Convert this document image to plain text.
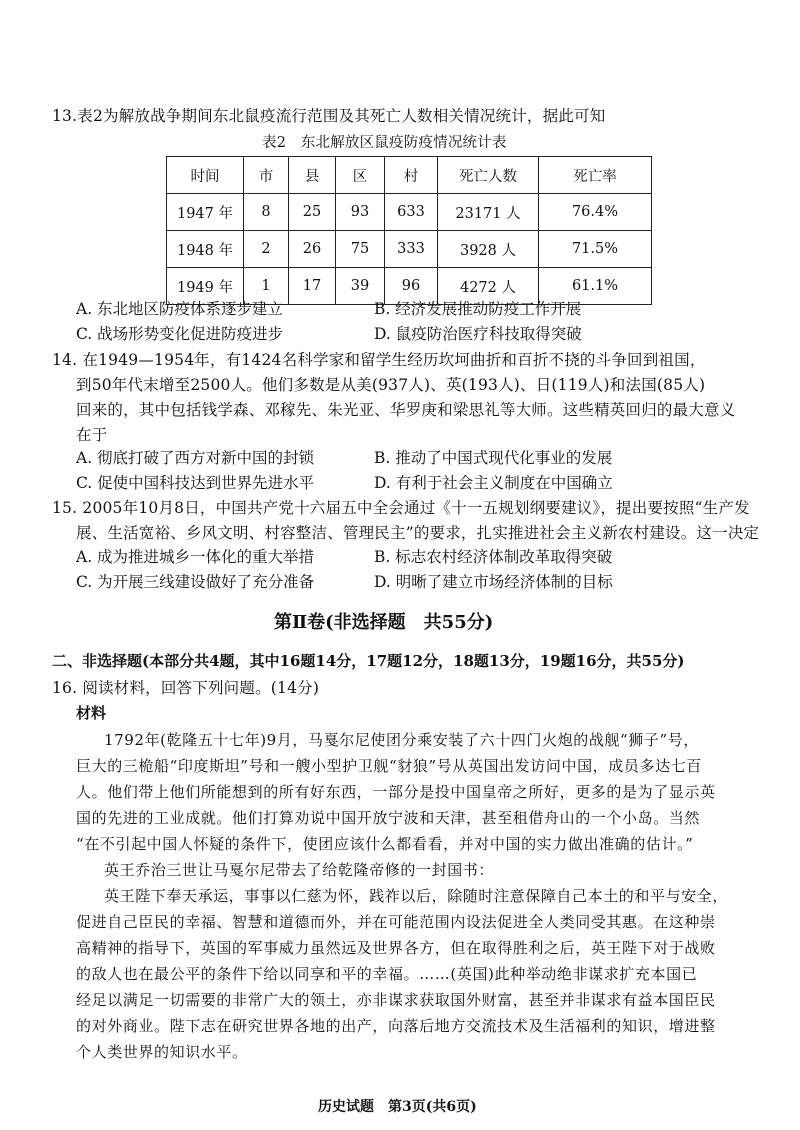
13.表2为解放战争期间东北鼠疫流行范围及其死亡人数相关情况统计，据此可知
表2　东北解放区鼠疫防疫情况统计表
时间	市	县	区	村	死亡人数	死亡率
1947 年	8	25	93	633	23171 人	76.4%
1948 年	2	26	75	333	3928 人	71.5%
1949 年	1	17	39	96	4272 人	61.1%
A. 东北地区防疫体系逐步建立	B. 经济发展推动防疫工作开展
C. 战场形势变化促进防疫进步	D. 鼠疫防治医疗科技取得突破
14. 在1949—1954年，有1424名科学家和留学生经历坎坷曲折和百折不挠的斗争回到祖国，
到50年代末增至2500人。他们多数是从美(937人)、英(193人)、日(119人)和法国(85人)
回来的，其中包括钱学森、邓稼先、朱光亚、华罗庚和梁思礼等大师。这些精英回归的最大意义
在于
A. 彻底打破了西方对新中国的封锁	B. 推动了中国式现代化事业的发展
C. 促使中国科技达到世界先进水平	D. 有利于社会主义制度在中国确立
15. 2005年10月8日，中国共产党十六届五中全会通过《十一五规划纲要建议》，提出要按照“生产发
展、生活宽裕、乡风文明、村容整洁、管理民主”的要求，扎实推进社会主义新农村建设。这一决定
A. 成为推进城乡一体化的重大举措	B. 标志农村经济体制改革取得突破
C. 为开展三线建设做好了充分准备	D. 明晰了建立市场经济体制的目标
第Ⅱ卷(非选择题　共55分)
二、非选择题(本部分共4题，其中16题14分，17题12分，18题13分，19题16分，共55分)
16. 阅读材料，回答下列问题。(14分)
材料
1792年(乾隆五十七年)9月，马戛尔尼使团分乘安装了六十四门火炮的战舰“狮子”号，
巨大的三桅船“印度斯坦”号和一艘小型护卫舰“豺狼”号从英国出发访问中国，成员多达七百
人。他们带上他们所能想到的所有好东西，一部分是投中国皇帝之所好，更多的是为了显示英
国的先进的工业成就。他们打算劝说中国开放宁波和天津，甚至租借舟山的一个小岛。当然
“在不引起中国人怀疑的条件下，使团应该什么都看看，并对中国的实力做出准确的估计。”
英王乔治三世让马戛尔尼带去了给乾隆帝修的一封国书：
英王陛下奉天承运，事事以仁慈为怀，践祚以后，除随时注意保障自己本土的和平与安全，
促进自己臣民的幸福、智慧和道德而外，并在可能范围内设法促进全人类同受其惠。在这种崇
高精神的指导下，英国的军事威力虽然远及世界各方，但在取得胜利之后，英王陛下对于战败
的敌人也在最公平的条件下给以同享和平的幸福。……(英国)此种举动绝非谋求扩充本国已
经足以满足一切需要的非常广大的领土，亦非谋求获取国外财富，甚至并非谋求有益本国臣民
的对外商业。陛下志在研究世界各地的出产，向落后地方交流技术及生活福利的知识，增进整
个人类世界的知识水平。
历史试题　第3页(共6页)
